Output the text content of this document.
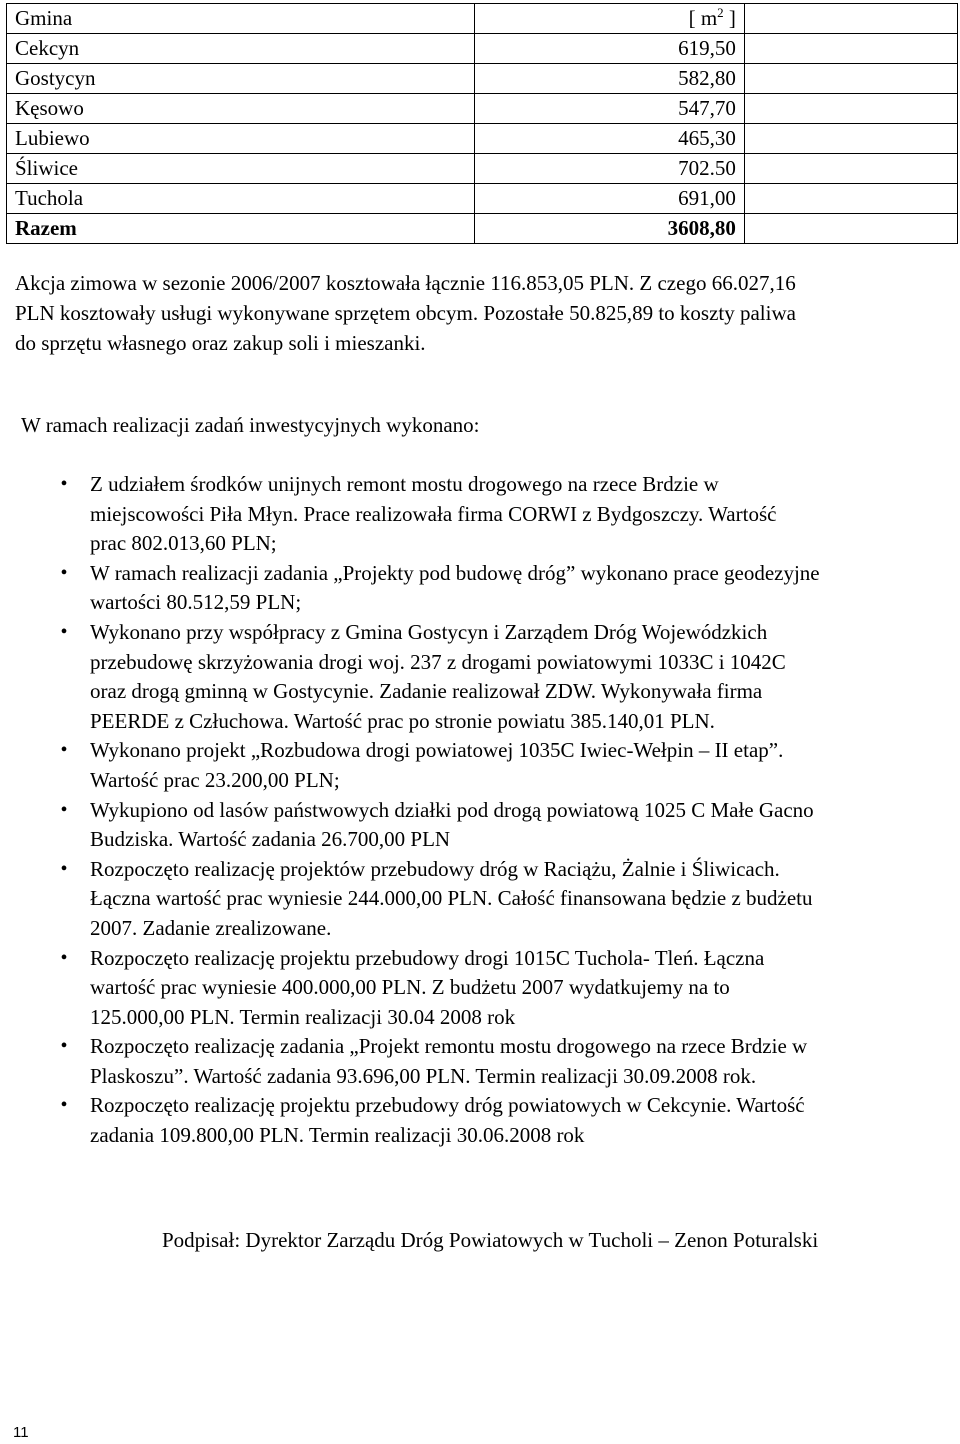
Gmina	[ $m^2$ ]	
Cekcyn	619,50	
Gostycyn	582,80	
Kęsowo	547,70	
Lubiewo	465,30	
Śliwice	702.50	
Tuchola	691,00	
Razem	3608,80	

Akcja zimowa w sezonie 2006/2007 kosztowała łącznie 116.853,05 PLN. Z czego 66.027,16

PLN kosztowały usługi wykonywane sprzętem obcym. Pozostałe 50.825,89 to koszty paliwa

do sprzętu własnego oraz zakup soli i mieszanki.

W ramach realizacji zadań inwestycyjnych wykonano:
•	Z udziałem środków unijnych remont mostu drogowego na rzece Brdzie w
miejscowości Piła Młyn. Prace realizowała firma CORWI z Bydgoszczy. Wartość
prac 802.013,60 PLN;
•	W ramach realizacji zadania „Projekty pod budowę dróg” wykonano prace geodezyjne
wartości 80.512,59 PLN;
•	Wykonano przy współpracy z Gmina Gostycyn i Zarządem Dróg Wojewódzkich
przebudowę skrzyżowania drogi woj. 237 z drogami powiatowymi 1033C i 1042C
oraz drogą gminną w Gostycynie. Zadanie realizował ZDW. Wykonywała firma
PEERDE z Człuchowa. Wartość prac po stronie powiatu 385.140,01 PLN.
•	Wykonano projekt „Rozbudowa drogi powiatowej 1035C Iwiec-Wełpin – II etap”.
Wartość prac 23.200,00 PLN;
•	Wykupiono od lasów państwowych działki pod drogą powiatową 1025 C Małe Gacno
Budziska. Wartość zadania 26.700,00 PLN
•	Rozpoczęto realizację projektów przebudowy dróg w Raciążu, Żalnie i Śliwicach.
Łączna wartość prac wyniesie 244.000,00 PLN. Całość finansowana będzie z budżetu
2007. Zadanie zrealizowane.
•	Rozpoczęto realizację projektu przebudowy drogi 1015C Tuchola- Tleń. Łączna
wartość prac wyniesie 400.000,00 PLN. Z budżetu 2007 wydatkujemy na to
125.000,00 PLN. Termin realizacji 30.04 2008 rok
•	Rozpoczęto realizację zadania „Projekt remontu mostu drogowego na rzece Brdzie w
Plaskoszu”. Wartość zadania 93.696,00 PLN. Termin realizacji 30.09.2008 rok.
•	Rozpoczęto realizację projektu przebudowy dróg powiatowych w Cekcynie. Wartość
zadania 109.800,00 PLN. Termin realizacji 30.06.2008 rok
Podpisał: Dyrektor Zarządu Dróg Powiatowych w Tucholi – Zenon Poturalski
11
